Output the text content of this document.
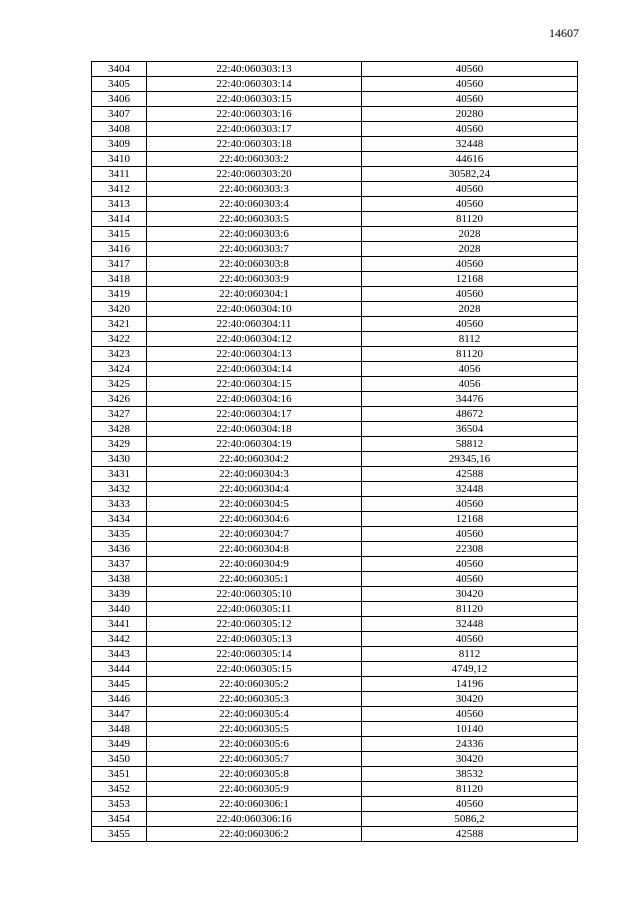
14607
3404	22:40:060303:13	40560
3405	22:40:060303:14	40560
3406	22:40:060303:15	40560
3407	22:40:060303:16	20280
3408	22:40:060303:17	40560
3409	22:40:060303:18	32448
3410	22:40:060303:2	44616
3411	22:40:060303:20	30582,24
3412	22:40:060303:3	40560
3413	22:40:060303:4	40560
3414	22:40:060303:5	81120
3415	22:40:060303:6	2028
3416	22:40:060303:7	2028
3417	22:40:060303:8	40560
3418	22:40:060303:9	12168
3419	22:40:060304:1	40560
3420	22:40:060304:10	2028
3421	22:40:060304:11	40560
3422	22:40:060304:12	8112
3423	22:40:060304:13	81120
3424	22:40:060304:14	4056
3425	22:40:060304:15	4056
3426	22:40:060304:16	34476
3427	22:40:060304:17	48672
3428	22:40:060304:18	36504
3429	22:40:060304:19	58812
3430	22:40:060304:2	29345,16
3431	22:40:060304:3	42588
3432	22:40:060304:4	32448
3433	22:40:060304:5	40560
3434	22:40:060304:6	12168
3435	22:40:060304:7	40560
3436	22:40:060304:8	22308
3437	22:40:060304:9	40560
3438	22:40:060305:1	40560
3439	22:40:060305:10	30420
3440	22:40:060305:11	81120
3441	22:40:060305:12	32448
3442	22:40:060305:13	40560
3443	22:40:060305:14	8112
3444	22:40:060305:15	4749,12
3445	22:40:060305:2	14196
3446	22:40:060305:3	30420
3447	22:40:060305:4	40560
3448	22:40:060305:5	10140
3449	22:40:060305:6	24336
3450	22:40:060305:7	30420
3451	22:40:060305:8	38532
3452	22:40:060305:9	81120
3453	22:40:060306:1	40560
3454	22:40:060306:16	5086,2
3455	22:40:060306:2	42588
